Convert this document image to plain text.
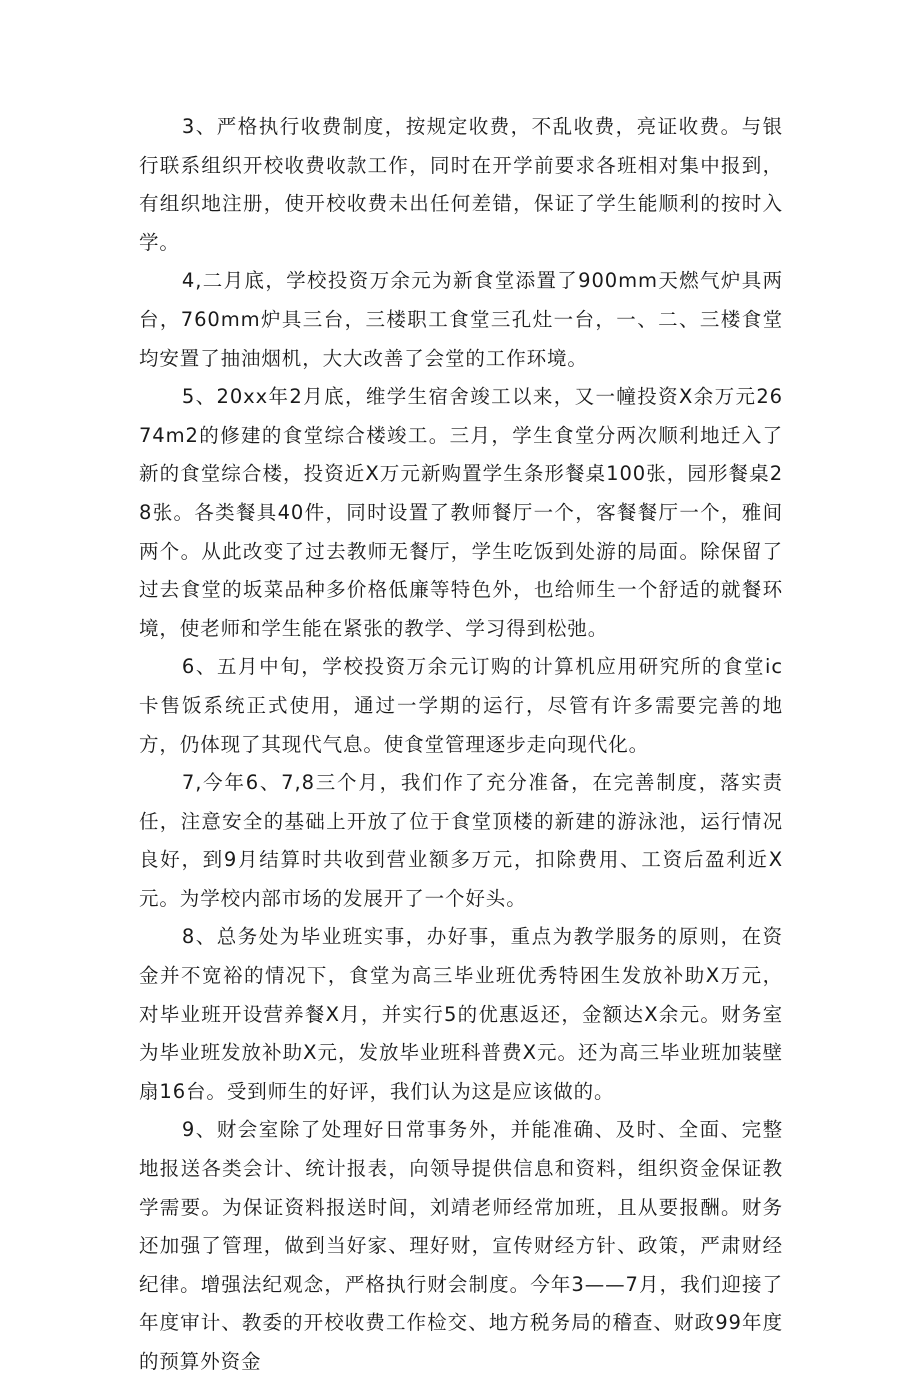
3、严格执行收费制度，按规定收费，不乱收费，亮证收费。与银行联系组织开校收费收款工作，同时在开学前要求各班相对集中报到，有组织地注册，使开校收费未出任何差错，保证了学生能顺利的按时入学。

4,二月底，学校投资万余元为新食堂添置了900mm天燃气炉具两台，760mm炉具三台，三楼职工食堂三孔灶一台，一、二、三楼食堂均安置了抽油烟机，大大改善了会堂的工作环境。

5、20xx年2月底，维学生宿舍竣工以来，又一幢投资X余万元2674m2的修建的食堂综合楼竣工。三月，学生食堂分两次顺利地迁入了新的食堂综合楼，投资近X万元新购置学生条形餐桌100张，园形餐桌28张。各类餐具40件，同时设置了教师餐厅一个，客餐餐厅一个，雅间两个。从此改变了过去教师无餐厅，学生吃饭到处游的局面。除保留了过去食堂的坂菜品种多价格低廉等特色外，也给师生一个舒适的就餐环境，使老师和学生能在紧张的教学、学习得到松弛。

6、五月中旬，学校投资万余元订购的计算机应用研究所的食堂ic卡售饭系统正式使用，通过一学期的运行，尽管有许多需要完善的地方，仍体现了其现代气息。使食堂管理逐步走向现代化。

7,今年6、7,8三个月，我们作了充分准备，在完善制度，落实责任，注意安全的基础上开放了位于食堂顶楼的新建的游泳池，运行情况良好，到9月结算时共收到营业额多万元，扣除费用、工资后盈利近X元。为学校内部市场的发展开了一个好头。

8、总务处为毕业班实事，办好事，重点为教学服务的原则，在资金并不宽裕的情况下，食堂为高三毕业班优秀特困生发放补助X万元，对毕业班开设营养餐X月，并实行5的优惠返还，金额达X余元。财务室为毕业班发放补助X元，发放毕业班科普费X元。还为高三毕业班加装壁扇16台。受到师生的好评，我们认为这是应该做的。

9、财会室除了处理好日常事务外，并能准确、及时、全面、完整地报送各类会计、统计报表，向领导提供信息和资料，组织资金保证教学需要。为保证资料报送时间，刘靖老师经常加班，且从要报酬。财务还加强了管理，做到当好家、理好财，宣传财经方针、政策，严肃财经纪律。增强法纪观念，严格执行财会制度。今年3——7月，我们迎接了年度审计、教委的开校收费工作检交、地方税务局的稽查、财政99年度的预算外资金
